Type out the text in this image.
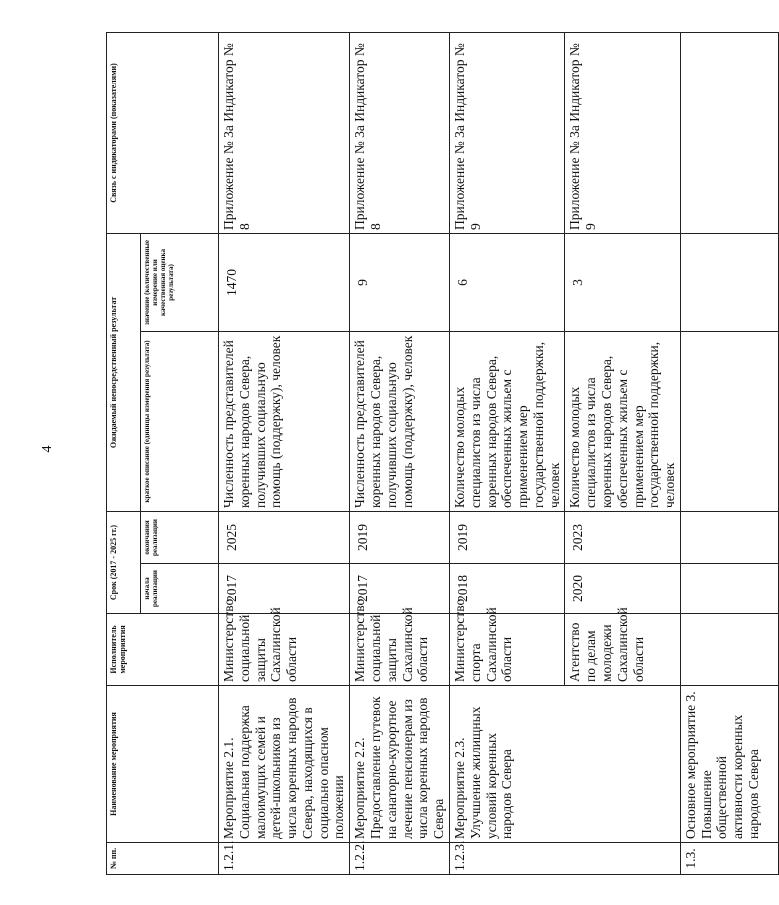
4
№ пп.	Наименование мероприятия	Исполнитель мероприятия	Срок (2017 - 2025 гг.)		Ожидаемый непосредственный результат		Связь с индикаторами (показателями)
			начала реализации	окончания реализации	краткое описание (единицы измерения результата)	значение (количественные измерение или качественная оценка результата)	
1.2.1.	Мероприятие 2.1. Социальная поддержка малоимущих семей и детей-школьников из числа коренных народов Севера, находящихся в социально опасном положении	Министерство социальной защиты Сахалинской области	2017	2025	Численность представителей коренных народов Севера, получивших социальную помощь (поддержку), человек	1470	Приложение № 3а Индикатор № 8
1.2.2.	Мероприятие 2.2. Предоставление путевок на санаторно-курортное лечение пенсионерам из числа коренных народов Севера	Министерство социальной защиты Сахалинской области	2017	2019	Численность представителей коренных народов Севера, получивших социальную помощь (поддержку), человек	9	Приложение № 3а Индикатор № 8
1.2.3.	Мероприятие 2.3. Улучшение жилищных условий коренных народов Севера	Министерство спорта Сахалинской области	2018	2019	Количество молодых специалистов из числа коренных народов Севера, обеспеченных жильем с применением мер государственной поддержки, человек	6	Приложение № 3а Индикатор № 9
		Агентство по делам молодежи Сахалинской области	2020	2023	Количество молодых специалистов из числа коренных народов Севера, обеспеченных жильем с применением мер государственной поддержки, человек	3	Приложение № 3а Индикатор № 9
1.3.	Основное мероприятие 3. Повышение общественной активности коренных народов Севера						
